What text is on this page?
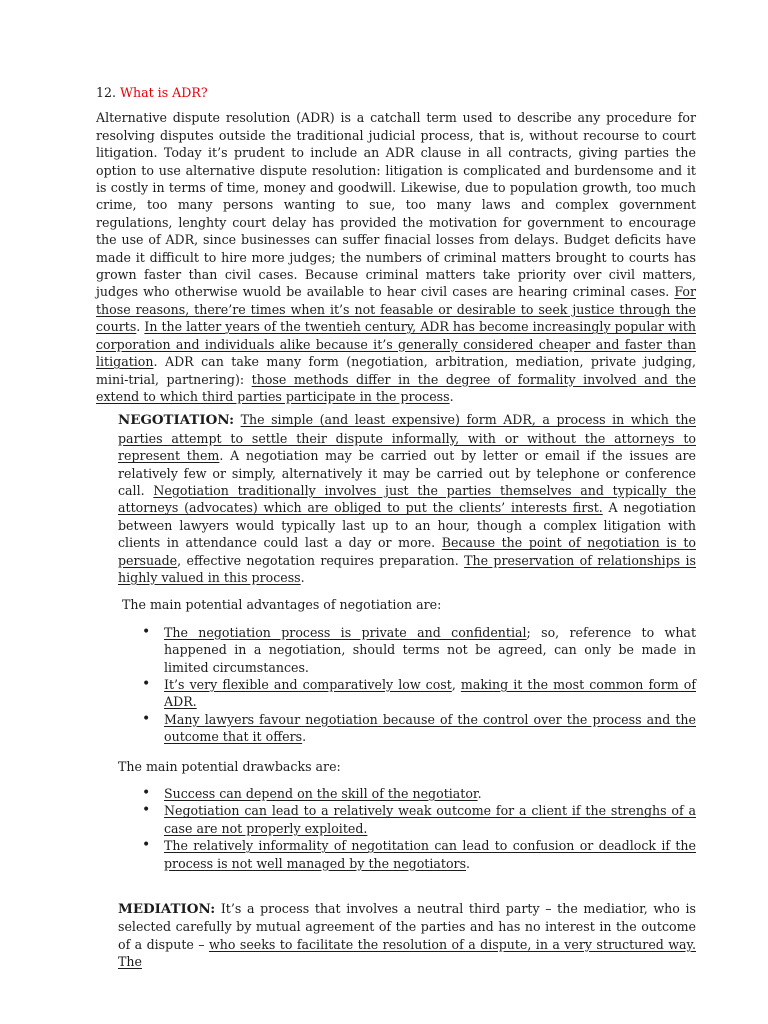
12. What is ADR?

Alternative dispute resolution (ADR) is a catchall term used to describe any procedure for resolving disputes outside the traditional judicial process, that is, without recourse to court litigation. Today it’s prudent to include an ADR clause in all contracts, giving parties the option to use alternative dispute resolution: litigation is complicated and burdensome and it is costly in terms of time, money and goodwill. Likewise, due to population growth, too much crime, too many persons wanting to sue, too many laws and complex government regulations, lenghty court delay has provided the motivation for government to encourage the use of ADR, since businesses can suffer finacial losses from delays. Budget deficits have made it difficult to hire more judges; the numbers of criminal matters brought to courts has grown faster than civil cases. Because criminal matters take priority over civil matters, judges who otherwise wuold be available to hear civil cases are hearing criminal cases. For those reasons, there’re times when it’s not feasable or desirable to seek justice through the courts. In the latter years of the twentieh century, ADR has become increasingly popular with corporation and individuals alike because it’s generally considered cheaper and faster than litigation. ADR can take many form (negotiation, arbitration, mediation, private judging, mini-trial, partnering): those methods differ in the degree of formality involved and the extend to which third parties participate in the process.

NEGOTIATION: The simple (and least expensive) form ADR, a process in which the parties attempt to settle their dispute informally, with or without the attorneys to represent them. A negotiation may be carried out by letter or email if the issues are relatively few or simply, alternatively it may be carried out by telephone or conference call. Negotiation traditionally involves just the parties themselves and typically the attorneys (advocates) which are obliged to put the clients’ interests first. A negotiation between lawyers would typically last up to an hour, though a complex litigation with clients in attendance could last a day or more. Because the point of negotiation is to persuade, effective negotation requires preparation. The preservation of relationships is highly valued in this process.

The main potential advantages of negotiation are:

• The negotiation process is private and confidential; so, reference to what happened in a negotiation, should terms not be agreed, can only be made in limited circumstances.
• It’s very flexible and comparatively low cost, making it the most common form of ADR.
• Many lawyers favour negotiation because of the control over the process and the outcome that it offers.

The main potential drawbacks are:

• Success can depend on the skill of the negotiator.
• Negotiation can lead to a relatively weak outcome for a client if the strenghs of a case are not properly exploited.
• The relatively informality of negotitation can lead to confusion or deadlock if the process is not well managed by the negotiators.

MEDIATION: It’s a process that involves a neutral third party – the mediatior, who is selected carefully by mutual agreement of the parties and has no interest in the outcome of a dispute – who seeks to facilitate the resolution of a dispute, in a very structured way. The
